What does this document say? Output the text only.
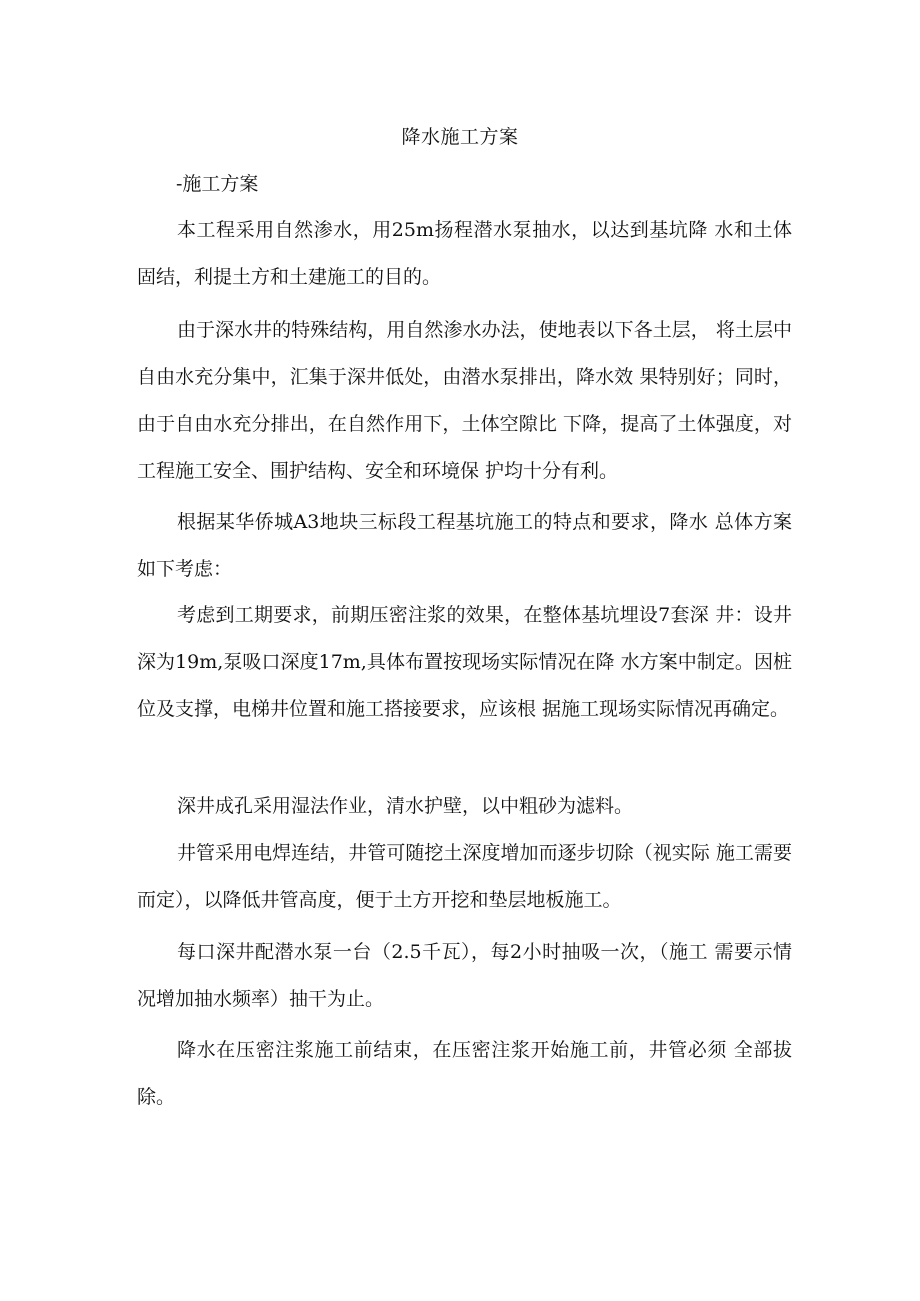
降水施工方案
-施工方案

本工程采用自然渗水，用25m扬程潜水泵抽水，以达到基坑降 水和土体固结，利提土方和土建施工的目的。

由于深水井的特殊结构，用自然渗水办法，使地表以下各土层， 将土层中自由水充分集中，汇集于深井低处，由潜水泵排出，降水效 果特别好；同时，由于自由水充分排出，在自然作用下，土体空隙比 下降，提高了土体强度，对工程施工安全、围护结构、安全和环境保 护均十分有利。

根据某华侨城A3地块三标段工程基坑施工的特点和要求，降水 总体方案如下考虑：

考虑到工期要求，前期压密注浆的效果，在整体基坑埋设7套深 井：设井深为19m,泵吸口深度17m,具体布置按现场实际情况在降 水方案中制定。因桩位及支撑，电梯井位置和施工搭接要求，应该根 据施工现场实际情况再确定。

深井成孔采用湿法作业，清水护壁，以中粗砂为滤料。

井管采用电焊连结，井管可随挖土深度增加而逐步切除（视实际 施工需要而定），以降低井管高度，便于土方开挖和垫层地板施工。

每口深井配潜水泵一台（2.5千瓦），每2小时抽吸一次，（施工 需要示情况增加抽水频率）抽干为止。

降水在压密注浆施工前结束，在压密注浆开始施工前，井管必须 全部拔除。
